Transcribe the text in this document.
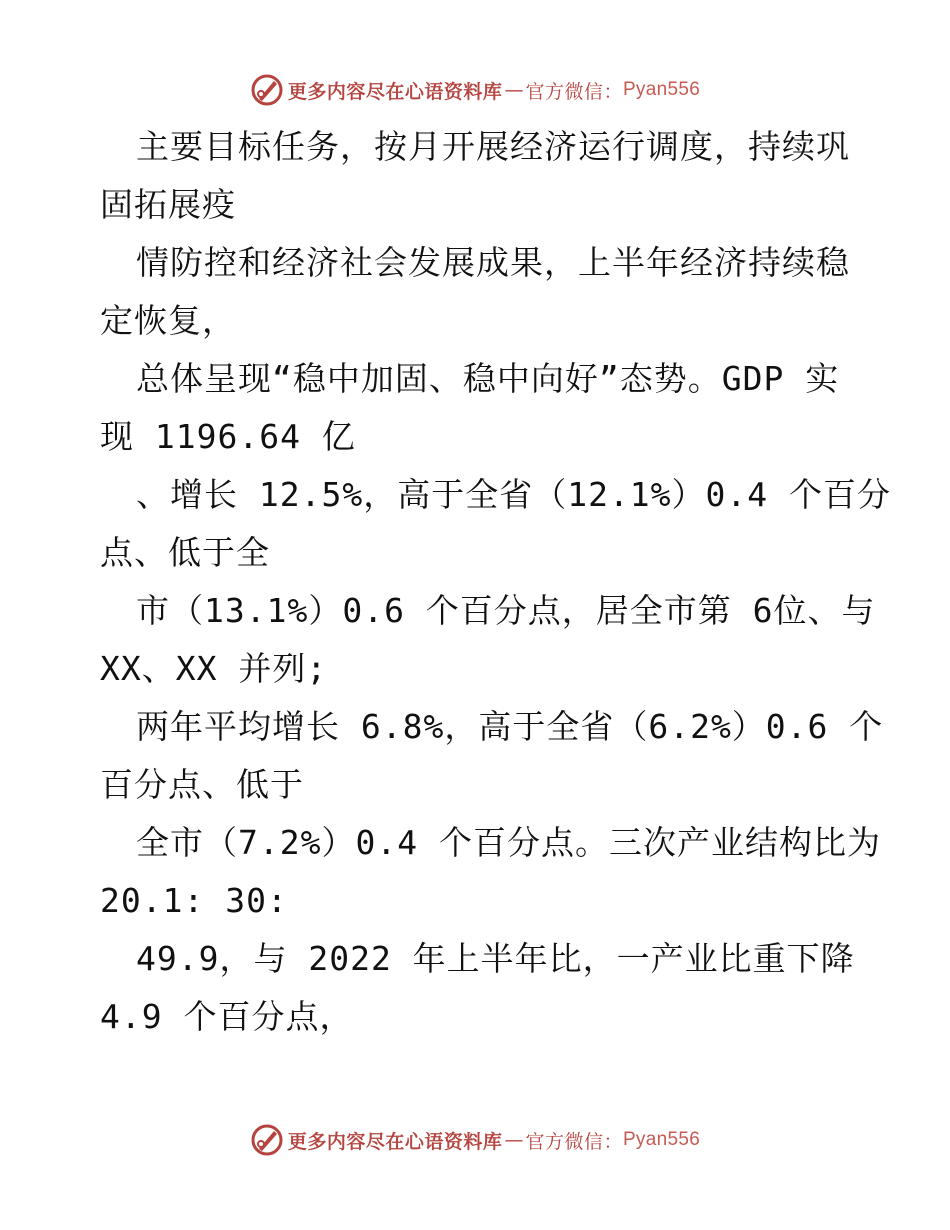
更多内容尽在心语资料库 — 官方微信： Pyan556
主要目标任务，按月开展经济运行调度，持续巩
固拓展疫
情防控和经济社会发展成果，上半年经济持续稳
定恢复，
总体呈现“稳中加固、稳中向好”态势。GDP 实
现 1196.64 亿
、增长 12.5%，高于全省（12.1%）0.4 个百分
点、低于全
市（13.1%）0.6 个百分点，居全市第 6位、与
XX、XX 并列;
两年平均增长 6.8%，高于全省（6.2%）0.6 个
百分点、低于
全市（7.2%）0.4 个百分点。三次产业结构比为
20.1: 30:
49.9，与 2022 年上半年比，一产业比重下降
4.9 个百分点，
更多内容尽在心语资料库 — 官方微信： Pyan556
